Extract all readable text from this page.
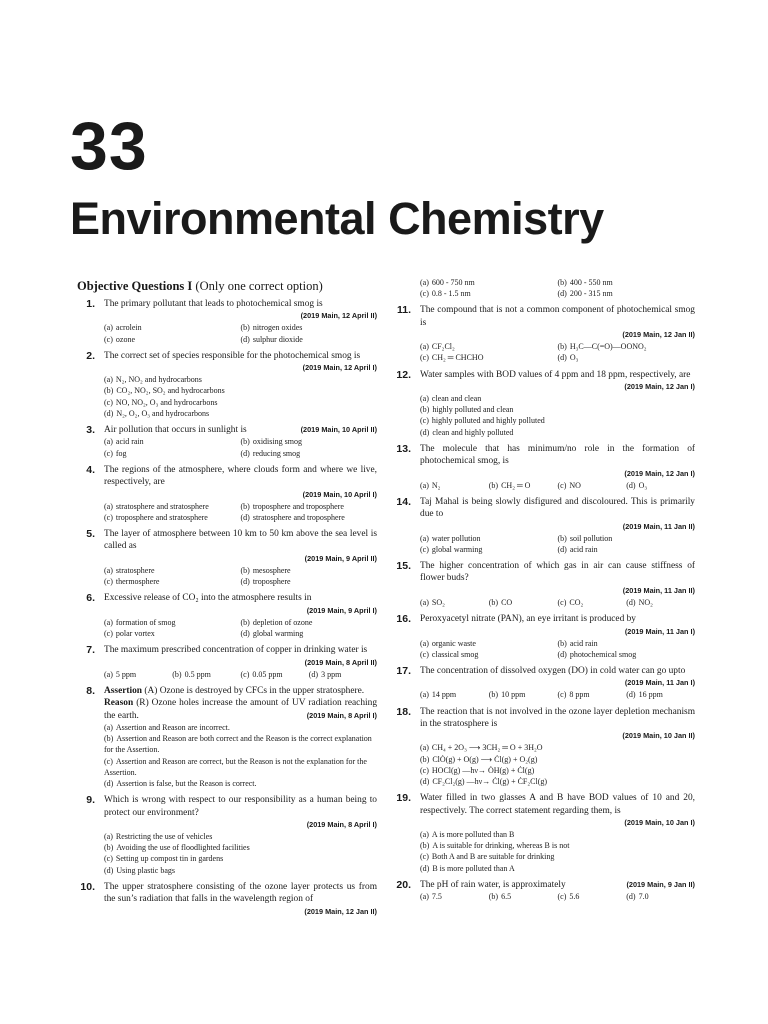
33
Environmental Chemistry
Objective Questions I (Only one correct option)
1. The primary pollutant that leads to photochemical smog is
(2019 Main, 12 April II)
(a) acrolein	(b) nitrogen oxides
(c) ozone	(d) sulphur dioxide
2. The correct set of species responsible for the photochemical smog is
(2019 Main, 12 April I)
(a) N₂, NO₂ and hydrocarbons
(b) CO₂, NO₂, SO₂ and hydrocarbons
(c) NO, NO₂, O₃ and hydrocarbons
(d) N₂, O₂, O₃ and hydrocarbons
3.	(2019 Main, 10 April II)
Air pollution that occurs in sunlight is
(a) acid rain	(b) oxidising smog
(c) fog	(d) reducing smog
4. The regions of the atmosphere, where clouds form and where we live, respectively, are
(2019 Main, 10 April I)
(a) stratosphere and stratosphere	(b) troposphere and troposphere
(c) troposphere and stratosphere	(d) stratosphere and troposphere
5. The layer of atmosphere between 10 km to 50 km above the sea level is called as
(2019 Main, 9 April II)
(a) stratosphere	(b) mesosphere
(c) thermosphere	(d) troposphere
6. Excessive release of CO₂ into the atmosphere results in
(2019 Main, 9 April I)
(a) formation of smog	(b) depletion of ozone
(c) polar vortex	(d) global warming
7. The maximum prescribed concentration of copper in drinking water is
(2019 Main, 8 April II)
(a) 5 ppm	(b) 0.5 ppm	(c) 0.05 ppm	(d) 3 ppm
8. Assertion (A) Ozone is destroyed by CFCs in the upper stratosphere.
Reason (R) Ozone holes increase the amount of UV radiation reaching the earth.	(2019 Main, 8 April I)
(a) Assertion and Reason are incorrect.
(b) Assertion and Reason are both correct and the Reason is the correct explanation for the Assertion.
(c) Assertion and Reason are correct, but the Reason is not the explanation for the Assertion.
(d) Assertion is false, but the Reason is correct.
9. Which is wrong with respect to our responsibility as a human being to protect our environment?
(2019 Main, 8 April I)
(a) Restricting the use of vehicles
(b) Avoiding the use of floodlighted facilities
(c) Setting up compost tin in gardens
(d) Using plastic bags
10. The upper stratosphere consisting of the ozone layer protects us from the sun’s radiation that falls in the wavelength region of
(2019 Main, 12 Jan II)
(a) 600 - 750 nm	(b) 400 - 550 nm
(c) 0.8 - 1.5 nm	(d) 200 - 315 nm
11. The compound that is not a common component of photochemical smog is
(2019 Main, 12 Jan II)
(a) CF₂Cl₂	(b) H₃C—C(=O)—OONO₂
(c) CH₂ ═ CHCHO	(d) O₃
12. Water samples with BOD values of 4 ppm and 18 ppm, respectively, are
(2019 Main, 12 Jan I)
(a) clean and clean
(b) highly polluted and clean
(c) highly polluted and highly polluted
(d) clean and highly polluted
13. The molecule that has minimum/no role in the formation of photochemical smog, is
(2019 Main, 12 Jan I)
(a) N₂	(b) CH₂ ═ O	(c) NO	(d) O₃
14. Taj Mahal is being slowly disfigured and discoloured. This is primarily due to
(2019 Main, 11 Jan II)
(a) water pollution	(b) soil pollution
(c) global warming	(d) acid rain
15. The higher concentration of which gas in air can cause stiffness of flower buds?
(2019 Main, 11 Jan II)
(a) SO₂	(b) CO	(c) CO₂	(d) NO₂
16. Peroxyacetyl nitrate (PAN), an eye irritant is produced by
(2019 Main, 11 Jan I)
(a) organic waste	(b) acid rain
(c) classical smog	(d) photochemical smog
17. The concentration of dissolved oxygen (DO) in cold water can go upto
(2019 Main, 11 Jan I)
(a) 14 ppm	(b) 10 ppm	(c) 8 ppm	(d) 16 ppm
18. The reaction that is not involved in the ozone layer depletion mechanism in the stratosphere is
(2019 Main, 10 Jan II)
(a) CH₄ + 2O₃ ⟶ 3CH₂ ═ O + 3H₂O
(b) ClȮ(g) + O(g) ⟶ Ċl(g) + O₂(g)
(c) HOCl(g) —hν→ ȮH(g) + Ċl(g)
(d) CF₂Cl₂(g) —hν→ Ċl(g) + ĊF₂Cl(g)
19. Water filled in two glasses A and B have BOD values of 10 and 20, respectively. The correct statement regarding them, is
(2019 Main, 10 Jan I)
(a) A is more polluted than B
(b) A is suitable for drinking, whereas B is not
(c) Both A and B are suitable for drinking
(d) B is more polluted than A
20.	(2019 Main, 9 Jan II)
The pH of rain water, is approximately
(a) 7.5	(b) 6.5	(c) 5.6	(d) 7.0
